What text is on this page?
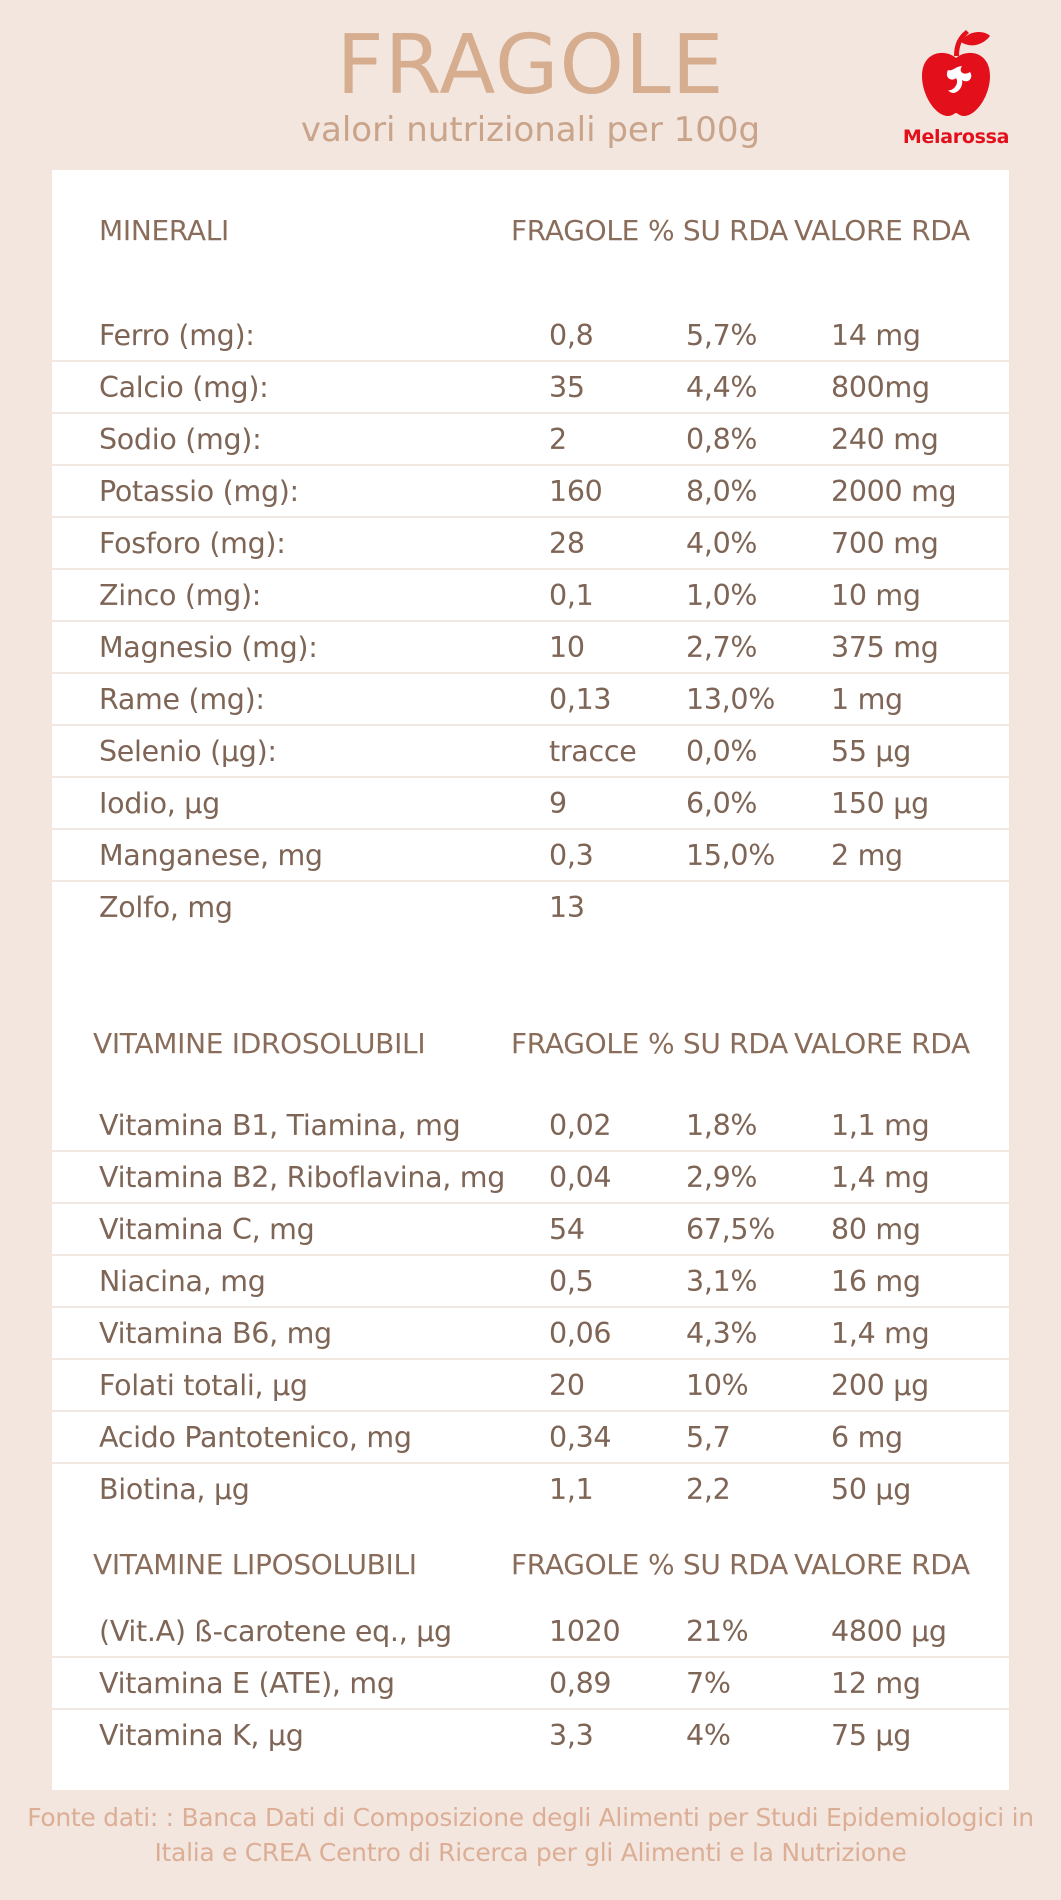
FRAGOLE
valori nutrizionali per 100g	Melarossa
MINERALI	FRAGOLE % SU RDA VALORE RDA
Ferro (mg):	0,8	5,7%	14 mg
Calcio (mg):	35	4,4%	800mg
Sodio (mg):	2	0,8%	240 mg
Potassio (mg):	160	8,0%	2000 mg
Fosforo (mg):	28	4,0%	700 mg
Zinco (mg):	0,1	1,0%	10 mg
Magnesio (mg):	10	2,7%	375 mg
Rame (mg):	0,13	13,0% 1 mg
Selenio (µg):	tracce 0,0%	55 µg
Iodio, µg	9	6,0%	150 µg
Manganese, mg	0,3	15,0% 2 mg
Zolfo, mg	13
VITAMINE IDROSOLUBILI	FRAGOLE % SU RDA VALORE RDA
Vitamina B1, Tiamina, mg	0,02	1,8%	1,1 mg
Vitamina B2, Riboflavina, mg 0,04	2,9%	1,4 mg
Vitamina C, mg	54	67,5% 80 mg
Niacina, mg	0,5	3,1%	16 mg
Vitamina B6, mg	0,06	4,3%	1,4 mg
Folati totali, µg	20	10%	200 µg
Acido Pantotenico, mg	0,34	5,7	6 mg
Biotina, µg	1,1	2,2	50 µg
VITAMINE LIPOSOLUBILI	FRAGOLE % SU RDA VALORE RDA
(Vit.A) ß-carotene eq., µg	1020 21%	4800 µg
Vitamina E (ATE), mg	0,89	7%	12 mg
Vitamina K, µg	3,3	4%	75 µg
Fonte dati: : Banca Dati di Composizione degli Alimenti per Studi Epidemiologici in
Italia e CREA Centro di Ricerca per gli Alimenti e la Nutrizione
